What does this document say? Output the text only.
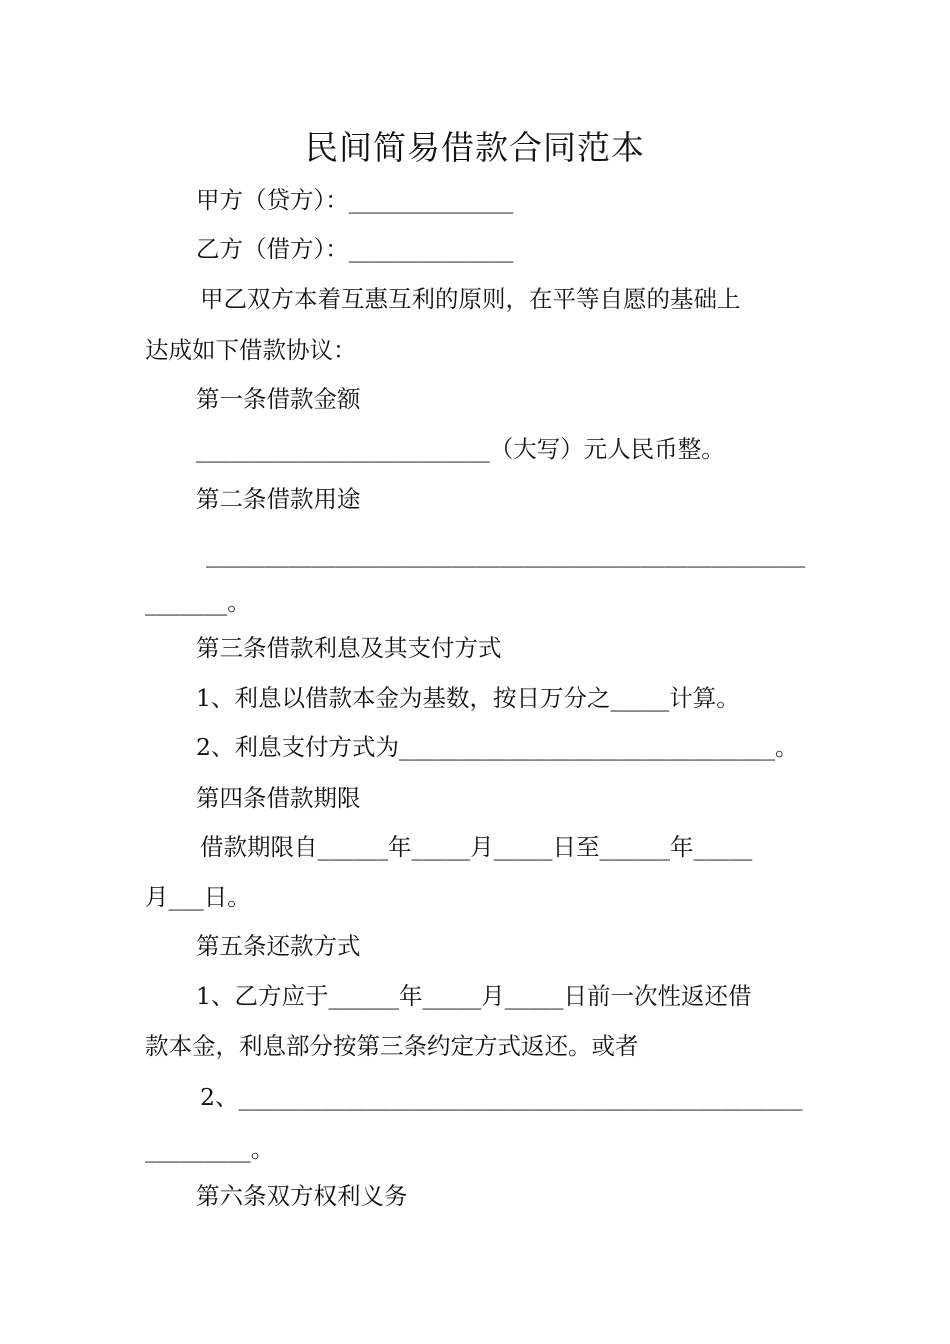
民间简易借款合同范本
甲方（贷方）：______________
乙方（借方）：______________
甲乙双方本着互惠互利的原则，在平等自愿的基础上
达成如下借款协议：
第一条借款金额
_________________________（大写）元人民币整。
第二条借款用途
___________________________________________________
_______。
第三条借款利息及其支付方式
1、利息以借款本金为基数，按日万分之_____计算。
2、利息支付方式为________________________________。
第四条借款期限
借款期限自______年_____月_____日至______年_____
月___日。
第五条还款方式
1、乙方应于______年_____月_____日前一次性返还借
款本金，利息部分按第三条约定方式返还。或者
2、________________________________________________
_________。
第六条双方权利义务
